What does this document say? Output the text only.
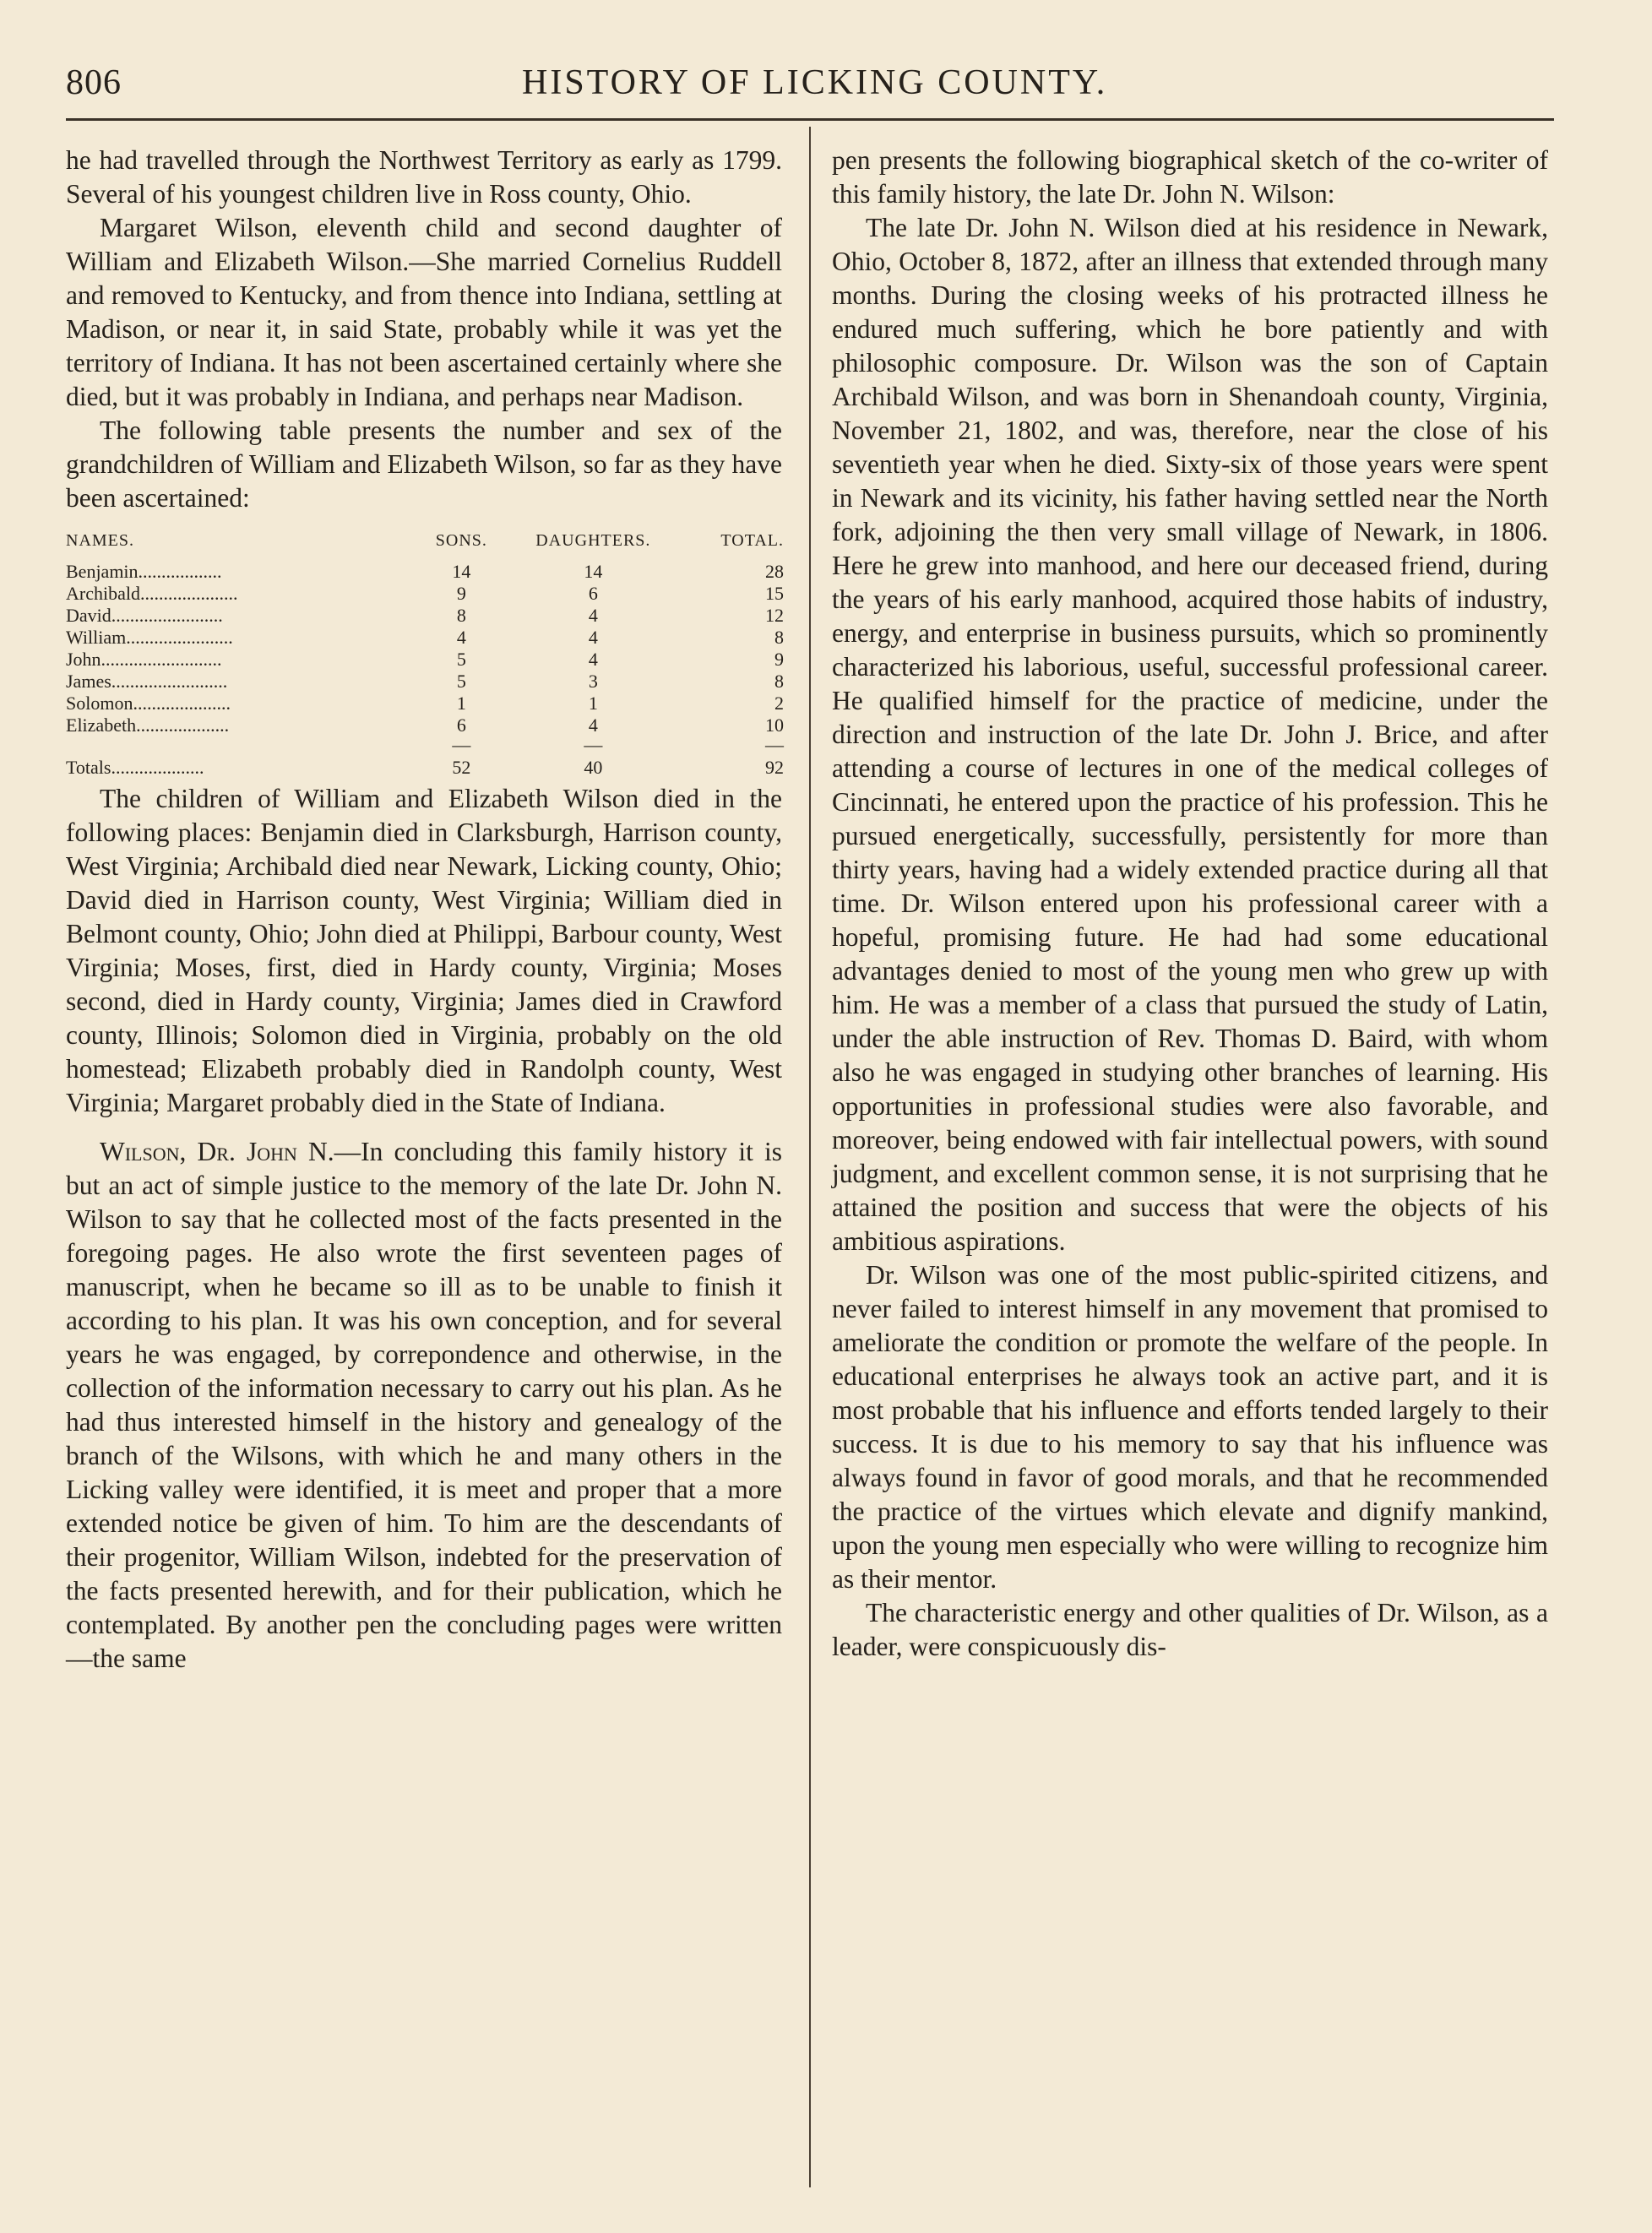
806	HISTORY OF LICKING COUNTY.

he had travelled through the Northwest Territory as early as 1799. Several of his youngest children live in Ross county, Ohio.

Margaret Wilson, eleventh child and second daughter of William and Elizabeth Wilson.—She married Cornelius Ruddell and removed to Kentucky, and from thence into Indiana, settling at Madison, or near it, in said State, probably while it was yet the territory of Indiana. It has not been ascertained certainly where she died, but it was probably in Indiana, and perhaps near Madison.

The following table presents the number and sex of the grandchildren of William and Elizabeth Wilson, so far as they have been ascertained:

NAMES.	SONS.	DAUGHTERS.	TOTAL.
Benjamin..................	14	14	28
Archibald.....................	9	6	15
David........................	8	4	12
William.......................	4	4	8
John..........................	5	4	9
James.........................	5	3	8
Solomon.....................	1	1	2
Elizabeth....................	6	4	10
	—	—	—
Totals....................	52	40	92

The children of William and Elizabeth Wilson died in the following places: Benjamin died in Clarksburgh, Harrison county, West Virginia; Archibald died near Newark, Licking county, Ohio; David died in Harrison county, West Virginia; William died in Belmont county, Ohio; John died at Philippi, Barbour county, West Virginia; Moses, first, died in Hardy county, Virginia; Moses second, died in Hardy county, Virginia; James died in Crawford county, Illinois; Solomon died in Virginia, probably on the old homestead; Elizabeth probably died in Randolph county, West Virginia; Margaret probably died in the State of Indiana.

Wilson, Dr. John N.—In concluding this family history it is but an act of simple justice to the memory of the late Dr. John N. Wilson to say that he collected most of the facts presented in the foregoing pages. He also wrote the first seventeen pages of manuscript, when he became so ill as to be unable to finish it according to his plan. It was his own conception, and for several years he was engaged, by correpondence and otherwise, in the collection of the information necessary to carry out his plan. As he had thus interested himself in the history and genealogy of the branch of the Wilsons, with which he and many others in the Licking valley were identified, it is meet and proper that a more extended notice be given of him. To him are the descendants of their progenitor, William Wilson, indebted for the preservation of the facts presented herewith, and for their publication, which he contemplated. By another pen the concluding pages were written—the same

pen presents the following biographical sketch of the co-writer of this family history, the late Dr. John N. Wilson:

The late Dr. John N. Wilson died at his residence in Newark, Ohio, October 8, 1872, after an illness that extended through many months. During the closing weeks of his protracted illness he endured much suffering, which he bore patiently and with philosophic composure. Dr. Wilson was the son of Captain Archibald Wilson, and was born in Shenandoah county, Virginia, November 21, 1802, and was, therefore, near the close of his seventieth year when he died. Sixty-six of those years were spent in Newark and its vicinity, his father having settled near the North fork, adjoining the then very small village of Newark, in 1806. Here he grew into manhood, and here our deceased friend, during the years of his early manhood, acquired those habits of industry, energy, and enterprise in business pursuits, which so prominently characterized his laborious, useful, successful professional career. He qualified himself for the practice of medicine, under the direction and instruction of the late Dr. John J. Brice, and after attending a course of lectures in one of the medical colleges of Cincinnati, he entered upon the practice of his profession. This he pursued energetically, successfully, persistently for more than thirty years, having had a widely extended practice during all that time. Dr. Wilson entered upon his professional career with a hopeful, promising future. He had had some educational advantages denied to most of the young men who grew up with him. He was a member of a class that pursued the study of Latin, under the able instruction of Rev. Thomas D. Baird, with whom also he was engaged in studying other branches of learning. His opportunities in professional studies were also favorable, and moreover, being endowed with fair intellectual powers, with sound judgment, and excellent common sense, it is not surprising that he attained the position and success that were the objects of his ambitious aspirations.

Dr. Wilson was one of the most public-spirited citizens, and never failed to interest himself in any movement that promised to ameliorate the condition or promote the welfare of the people. In educational enterprises he always took an active part, and it is most probable that his influence and efforts tended largely to their success. It is due to his memory to say that his influence was always found in favor of good morals, and that he recommended the practice of the virtues which elevate and dignify mankind, upon the young men especially who were willing to recognize him as their mentor.

The characteristic energy and other qualities of Dr. Wilson, as a leader, were conspicuously dis-
